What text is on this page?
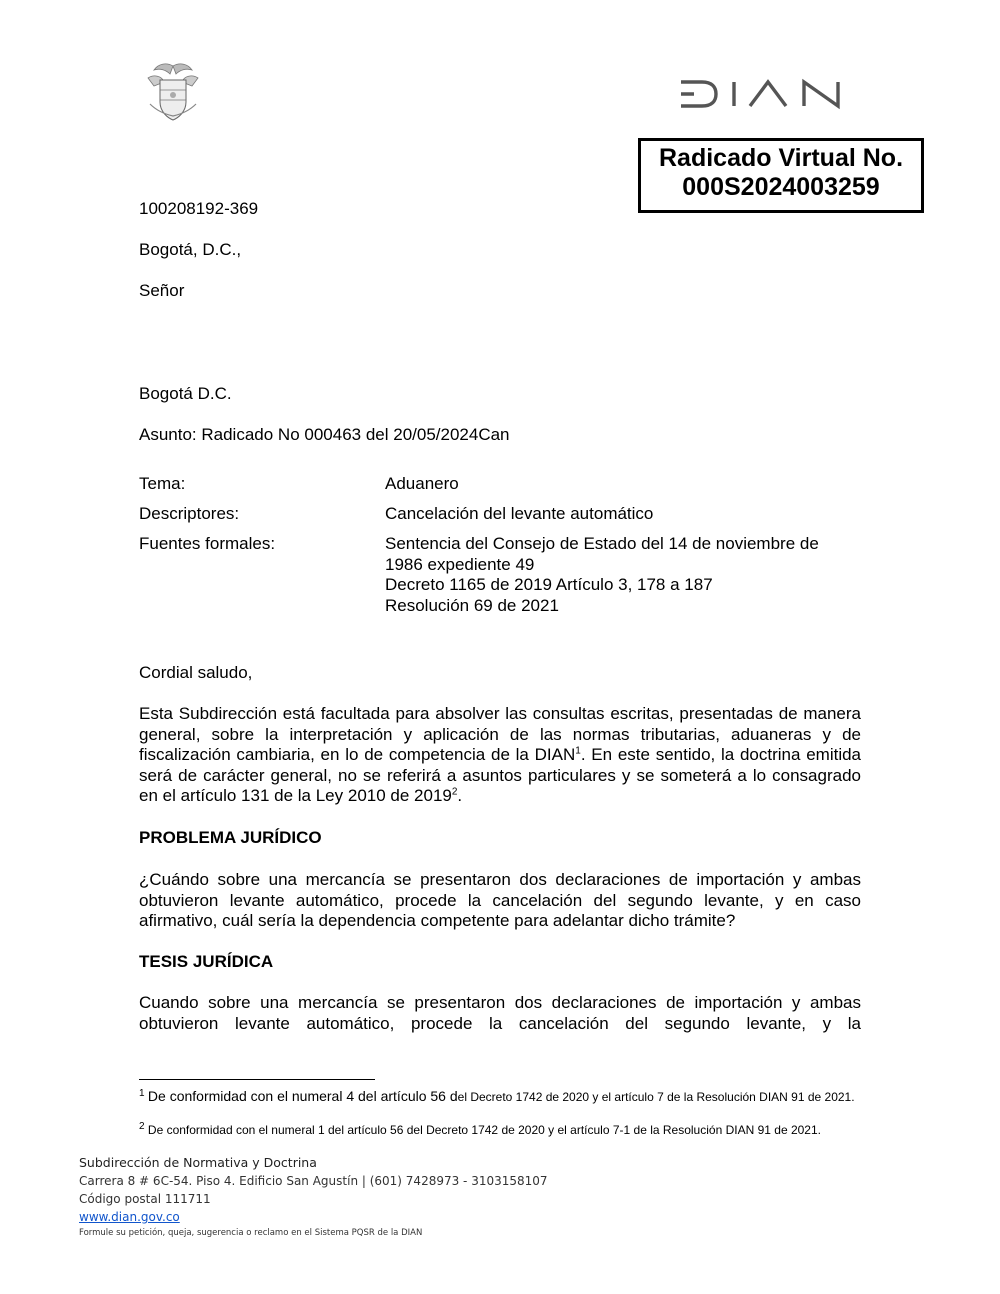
Radicado Virtual No.
000S2024003259
100208192-369
Bogotá, D.C.,
Señor
Bogotá D.C.
Asunto: Radicado No 000463 del 20/05/2024Can
Tema:	Aduanero
Descriptores:	Cancelación del levante automático
Fuentes formales:	Sentencia del Consejo de Estado del 14 de noviembre de
1986 expediente 49
Decreto 1165 de 2019 Artículo 3, 178 a 187
Resolución 69 de 2021
Cordial saludo,
Esta Subdirección está facultada para absolver las consultas escritas, presentadas de manera general, sobre la interpretación y aplicación de las normas tributarias, aduaneras y de fiscalización cambiaria, en lo de competencia de la DIAN$^1$. En este sentido, la doctrina emitida será de carácter general, no se referirá a asuntos particulares y se someterá a lo consagrado en el artículo 131 de la Ley 2010 de 2019$^2$.
PROBLEMA JURÍDICO
¿Cuándo sobre una mercancía se presentaron dos declaraciones de importación y ambas obtuvieron levante automático, procede la cancelación del segundo levante, y en caso afirmativo, cuál sería la dependencia competente para adelantar dicho trámite?
TESIS JURÍDICA
Cuando sobre una mercancía se presentaron dos declaraciones de importación y ambas
obtuvieron levante automático, procede la cancelación del segundo levante, y la
$^1$ De conformidad con el numeral 4 del artículo 56 del Decreto 1742 de 2020 y el artículo 7 de la Resolución DIAN 91 de 2021.
$^2$ De conformidad con el numeral 1 del artículo 56 del Decreto 1742 de 2020 y el artículo 7-1 de la Resolución DIAN 91 de 2021.
Subdirección de Normativa y Doctrina
Carrera 8 # 6C-54. Piso 4. Edificio San Agustín | (601) 7428973 - 3103158107
Código postal 111711
www.dian.gov.co
Formule su petición, queja, sugerencia o reclamo en el Sistema PQSR de la DIAN
